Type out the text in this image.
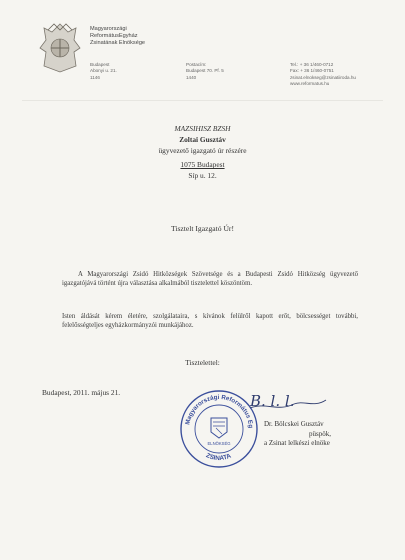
Magyarországi
ReformátusEgyház
Zsinatának Elnöksége
Budapest
Abonyi u. 21.
1146
Postacím:
Budapest 70. Pf. 5
1440
Tel.: + 36 1/460-0712
Fax: + 36 1/460-0751
zsinat.elnokseg@zsinatiiroda.hu
www.reformatus.hu
MAZSIHISZ BZSH
Zoltai Gusztáv
ügyvezető igazgató úr részére
1075 Budapest
Síp u. 12.
Tisztelt Igazgató Úr!
A Magyarországi Zsidó Hitközségek Szövetsége és a Budapesti Zsidó Hitközség ügyvezető igazgatójává történt újra választása alkalmából tisztelettel köszöntöm.
Isten áldását kérem életére, szolgálataira, s kívánok felülről kapott erőt, bölcsességet további, felelősségteljes egyházkormányzói munkájához.
Tisztelettel:
Budapest, 2011. május 21.
Magyarországi Református Eg
ZSINATA
ELNÖKSÉG
B. l. l.
Dr. Bölcskei Gusztáv
püspök,
a Zsinat lelkészi elnöke
